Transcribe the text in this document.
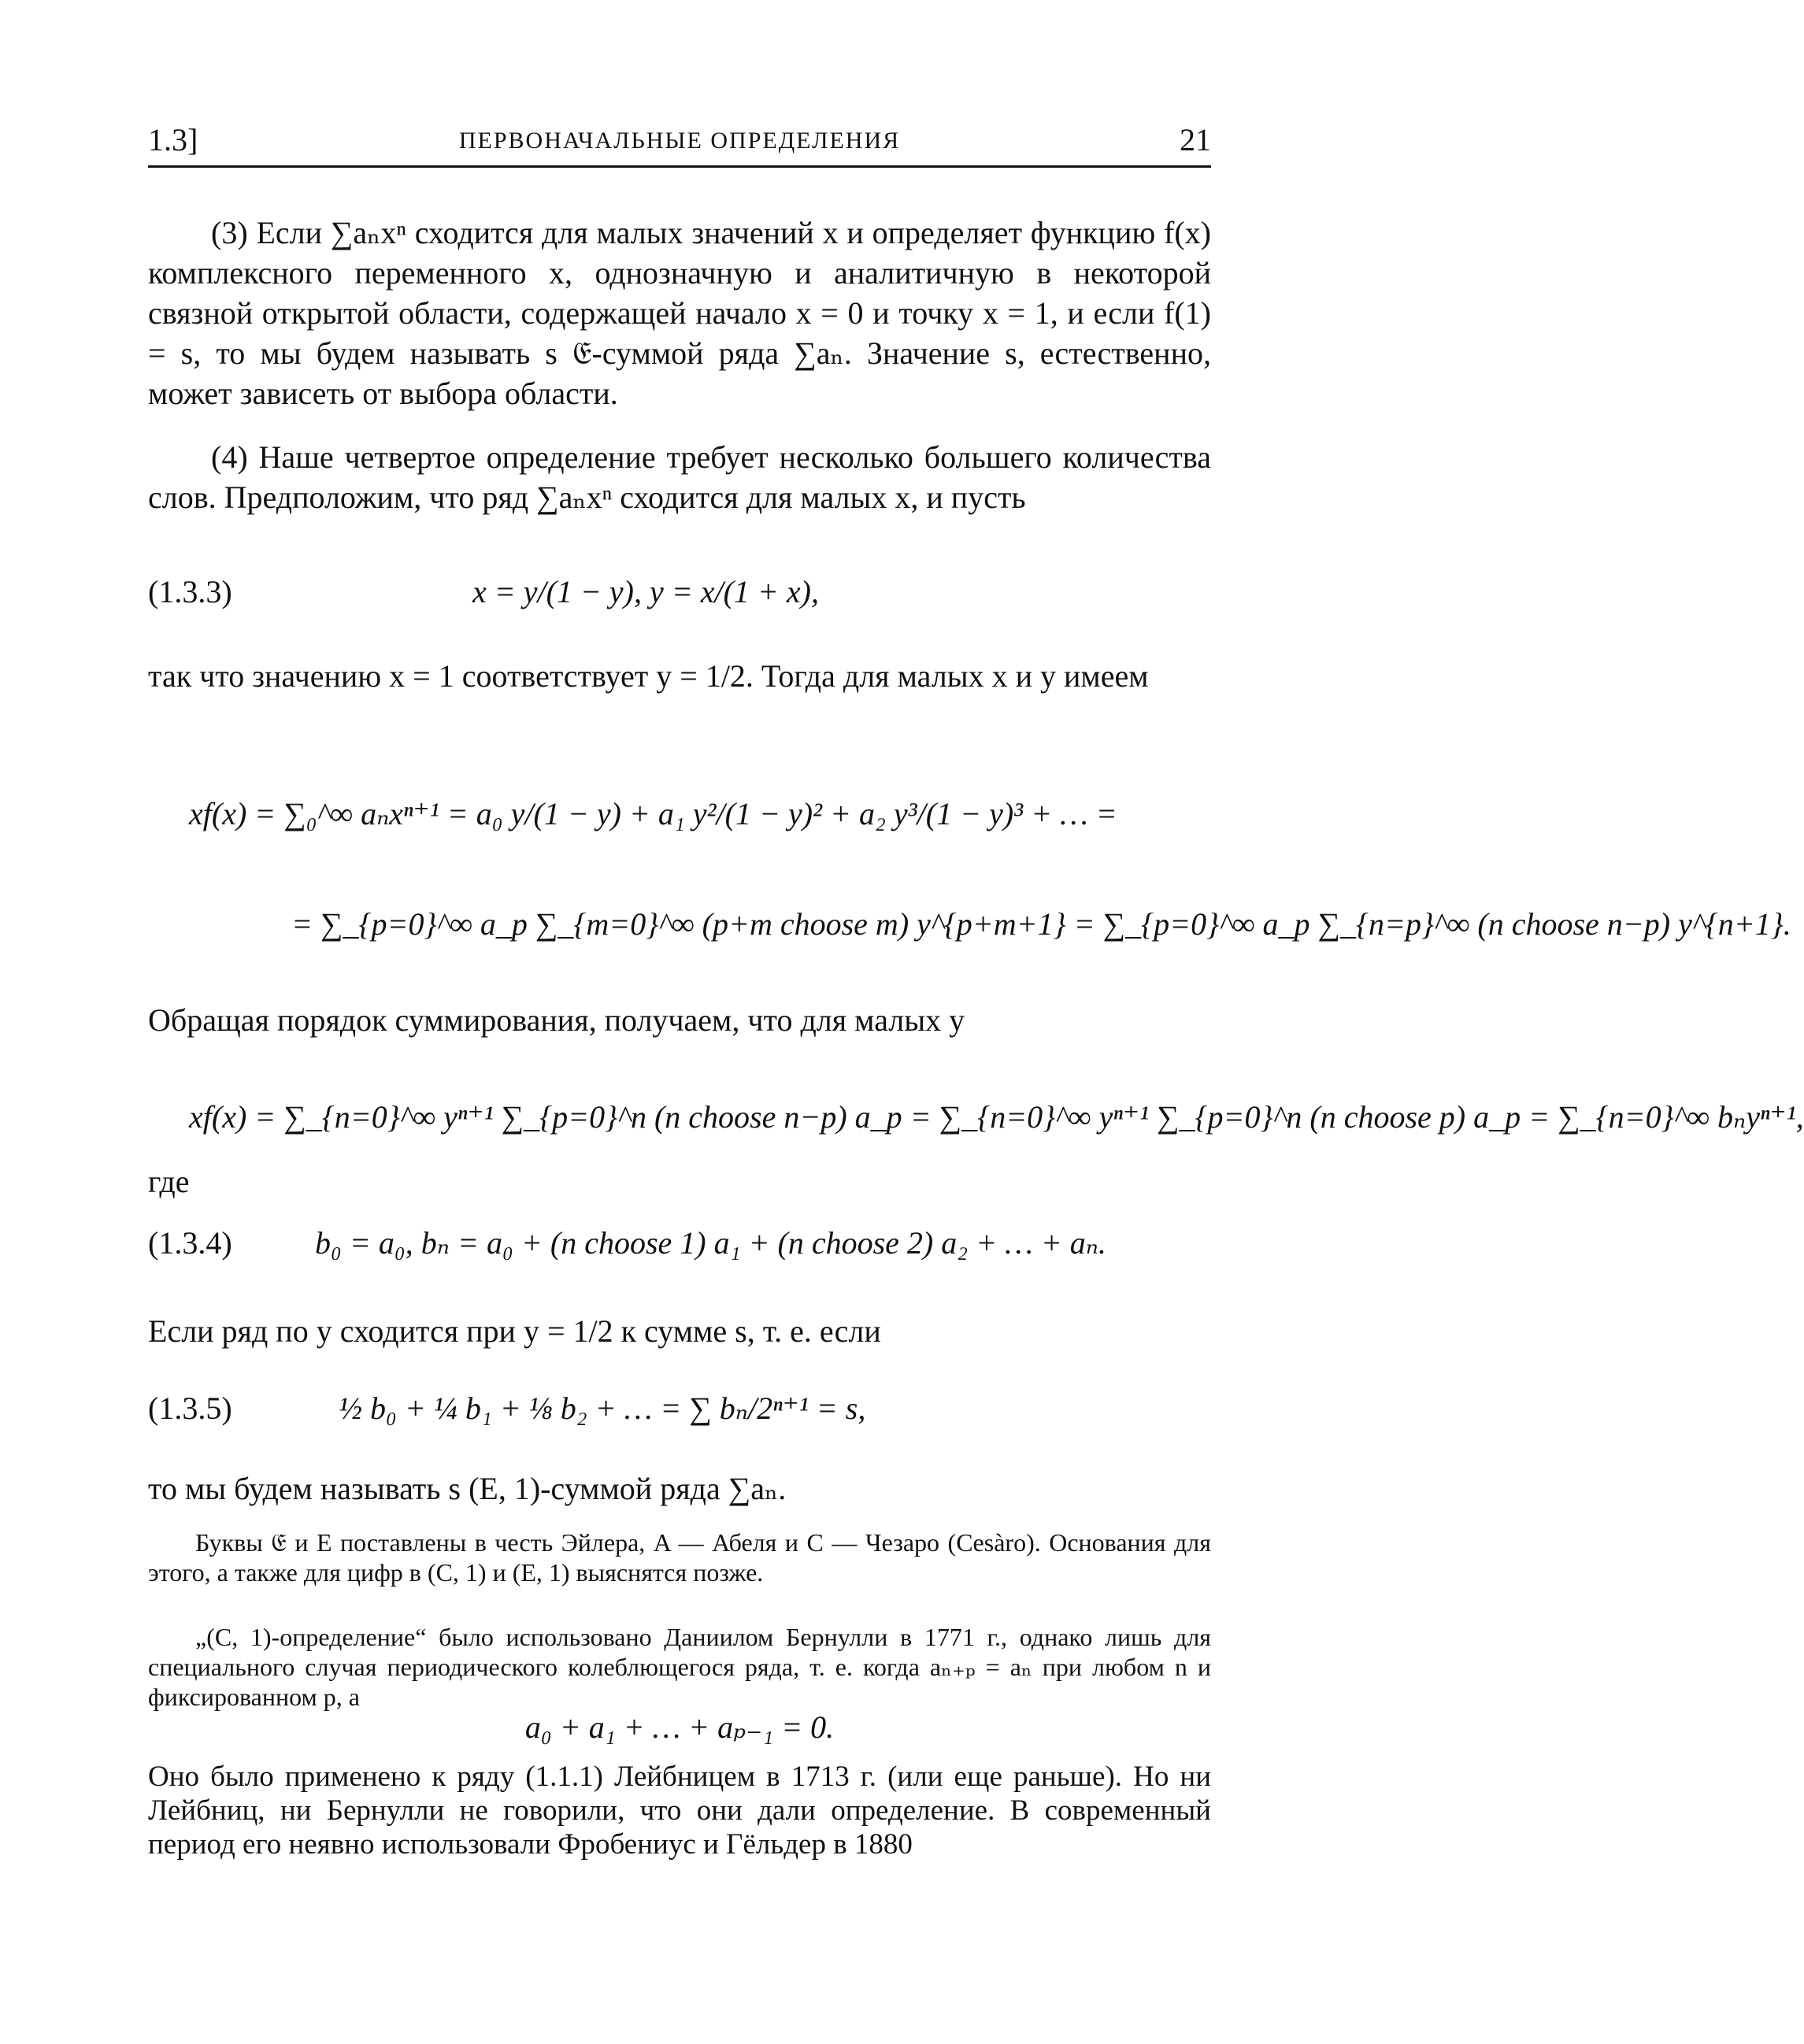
1.3]	ПЕРВОНАЧАЛЬНЫЕ ОПРЕДЕЛЕНИЯ	21
(3) Если ∑aₙxⁿ сходится для малых значений x и определяет функцию f(x) комплексного переменного x, однозначную и аналитичную в некоторой связной открытой области, содержащей начало x = 0 и точку x = 1, и если f(1) = s, то мы будем называть s 𝔈-суммой ряда ∑aₙ. Значение s, естественно, может зависеть от выбора области.
(4) Наше четвертое определение требует несколько большего количества слов. Предположим, что ряд ∑aₙxⁿ сходится для малых x, и пусть
(1.3.3)	x = y/(1 − y), y = x/(1 + x),
так что значению x = 1 соответствует y = 1/2. Тогда для малых x и y имеем
xf(x) = ∑₀^∞ aₙxⁿ⁺¹ = a₀ y/(1 − y) + a₁ y²/(1 − y)² + a₂ y³/(1 − y)³ + … =
= ∑_{p=0}^∞ a_p ∑_{m=0}^∞ (p+m choose m) y^{p+m+1} = ∑_{p=0}^∞ a_p ∑_{n=p}^∞ (n choose n−p) y^{n+1}.
Обращая порядок суммирования, получаем, что для малых y
xf(x) = ∑_{n=0}^∞ yⁿ⁺¹ ∑_{p=0}^n (n choose n−p) a_p = ∑_{n=0}^∞ yⁿ⁺¹ ∑_{p=0}^n (n choose p) a_p = ∑_{n=0}^∞ bₙyⁿ⁺¹,
где
(1.3.4)	b₀ = a₀, bₙ = a₀ + (n choose 1) a₁ + (n choose 2) a₂ + … + aₙ.
Если ряд по y сходится при y = 1/2 к сумме s, т. е. если
(1.3.5)	½ b₀ + ¼ b₁ + ⅛ b₂ + … = ∑ bₙ/2ⁿ⁺¹ = s,
то мы будем называть s (E, 1)-суммой ряда ∑aₙ.
Буквы 𝔈 и E поставлены в честь Эйлера, A — Абеля и C — Чезаро (Cesàro). Основания для этого, а также для цифр в (C, 1) и (E, 1) выяснятся позже.
„(C, 1)-определение“ было использовано Даниилом Бернулли в 1771 г., однако лишь для специального случая периодического колеблющегося ряда, т. е. когда aₙ₊ₚ = aₙ при любом n и фиксированном p, а
a₀ + a₁ + … + aₚ₋₁ = 0.
Оно было применено к ряду (1.1.1) Лейбницем в 1713 г. (или еще раньше). Но ни Лейбниц, ни Бернулли не говорили, что они дали определение. В современный период его неявно использовали Фробениус и Гёльдер в 1880
